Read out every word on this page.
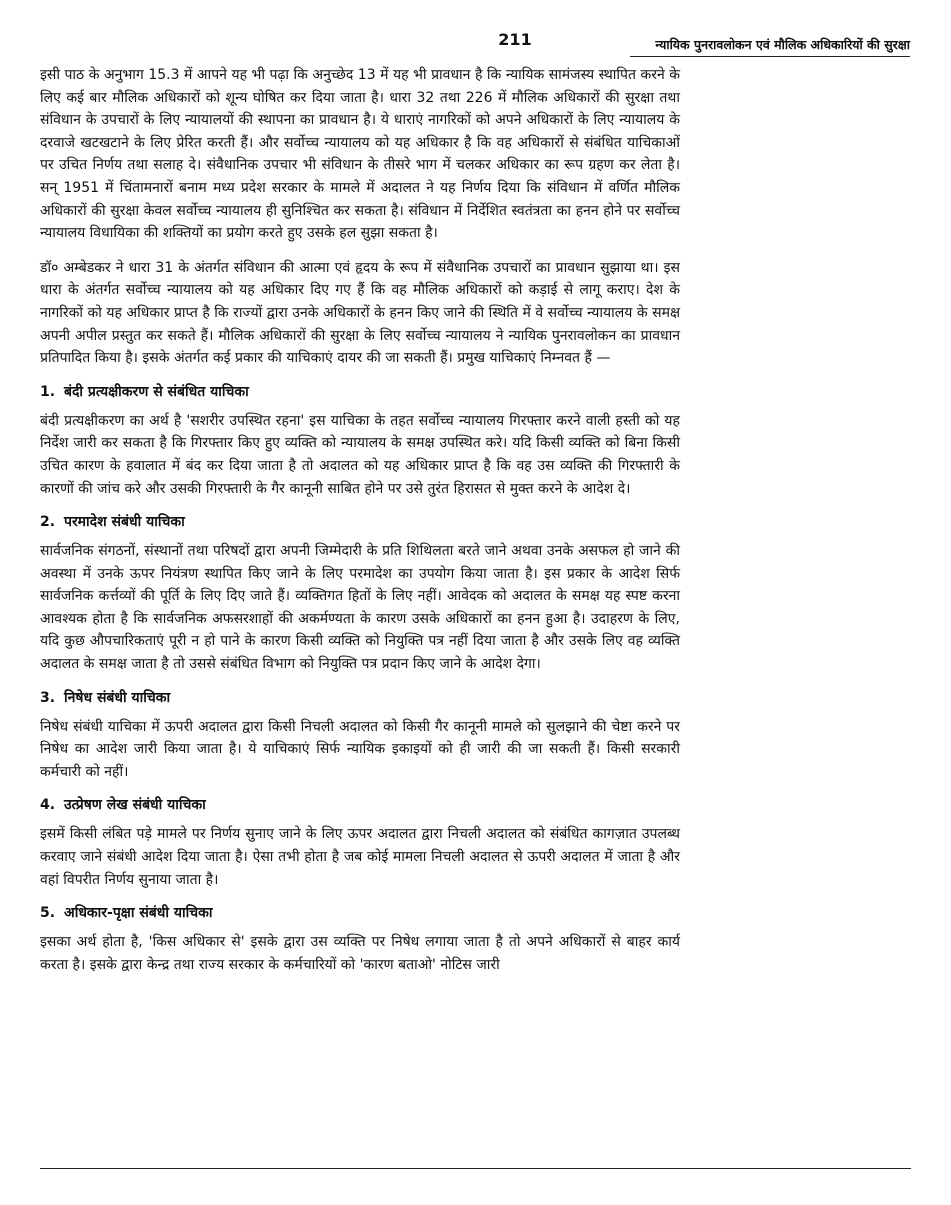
211	न्यायिक पुनरावलोकन एवं मौलिक अधिकारियों की सुरक्षा

इसी पाठ के अनुभाग 15.3 में आपने यह भी पढ़ा कि अनुच्छेद 13 में यह भी प्रावधान है कि न्यायिक सामंजस्य स्थापित करने के लिए कई बार मौलिक अधिकारों को शून्य घोषित कर दिया जाता है। धारा 32 तथा 226 में मौलिक अधिकारों की सुरक्षा तथा संविधान के उपचारों के लिए न्यायालयों की स्थापना का प्रावधान है। ये धाराएं नागरिकों को अपने अधिकारों के लिए न्यायालय के दरवाजे खटखटाने के लिए प्रेरित करती हैं। और सर्वोच्च न्यायालय को यह अधिकार है कि वह अधिकारों से संबंधित याचिकाओं पर उचित निर्णय तथा सलाह दे। संवैधानिक उपचार भी संविधान के तीसरे भाग में चलकर अधिकार का रूप ग्रहण कर लेता है। सन् 1951 में चिंतामनारों बनाम मध्य प्रदेश सरकार के मामले में अदालत ने यह निर्णय दिया कि संविधान में वर्णित मौलिक अधिकारों की सुरक्षा केवल सर्वोच्च न्यायालय ही सुनिश्चित कर सकता है। संविधान में निर्देशित स्वतंत्रता का हनन होने पर सर्वोच्च न्यायालय विधायिका की शक्तियों का प्रयोग करते हुए उसके हल सुझा सकता है।

डॉ० अम्बेडकर ने धारा 31 के अंतर्गत संविधान की आत्मा एवं हृदय के रूप में संवैधानिक उपचारों का प्रावधान सुझाया था। इस धारा के अंतर्गत सर्वोच्च न्यायालय को यह अधिकार दिए गए हैं कि वह मौलिक अधिकारों को कड़ाई से लागू कराए। देश के नागरिकों को यह अधिकार प्राप्त है कि राज्यों द्वारा उनके अधिकारों के हनन किए जाने की स्थिति में वे सर्वोच्च न्यायालय के समक्ष अपनी अपील प्रस्तुत कर सकते हैं। मौलिक अधिकारों की सुरक्षा के लिए सर्वोच्च न्यायालय ने न्यायिक पुनरावलोकन का प्रावधान प्रतिपादित किया है। इसके अंतर्गत कई प्रकार की याचिकाएं दायर की जा सकती हैं। प्रमुख याचिकाएं निम्नवत हैं —

1. बंदी प्रत्यक्षीकरण से संबंधित याचिका

बंदी प्रत्यक्षीकरण का अर्थ है 'सशरीर उपस्थित रहना' इस याचिका के तहत सर्वोच्च न्यायालय गिरफ्तार करने वाली हस्ती को यह निर्देश जारी कर सकता है कि गिरफ्तार किए हुए व्यक्ति को न्यायालय के समक्ष उपस्थित करे। यदि किसी व्यक्ति को बिना किसी उचित कारण के हवालात में बंद कर दिया जाता है तो अदालत को यह अधिकार प्राप्त है कि वह उस व्यक्ति की गिरफ्तारी के कारणों की जांच करे और उसकी गिरफ्तारी के गैर कानूनी साबित होने पर उसे तुरंत हिरासत से मुक्त करने के आदेश दे।

2. परमादेश संबंधी याचिका

सार्वजनिक संगठनों, संस्थानों तथा परिषदों द्वारा अपनी जिम्मेदारी के प्रति शिथिलता बरते जाने अथवा उनके असफल हो जाने की अवस्था में उनके ऊपर नियंत्रण स्थापित किए जाने के लिए परमादेश का उपयोग किया जाता है। इस प्रकार के आदेश सिर्फ सार्वजनिक कर्त्तव्यों की पूर्ति के लिए दिए जाते हैं। व्यक्तिगत हितों के लिए नहीं। आवेदक को अदालत के समक्ष यह स्पष्ट करना आवश्यक होता है कि सार्वजनिक अफसरशाहों की अकर्मण्यता के कारण उसके अधिकारों का हनन हुआ है। उदाहरण के लिए, यदि कुछ औपचारिकताएं पूरी न हो पाने के कारण किसी व्यक्ति को नियुक्ति पत्र नहीं दिया जाता है और उसके लिए वह व्यक्ति अदालत के समक्ष जाता है तो उससे संबंधित विभाग को नियुक्ति पत्र प्रदान किए जाने के आदेश देगा।

3. निषेध संबंधी याचिका

निषेध संबंधी याचिका में ऊपरी अदालत द्वारा किसी निचली अदालत को किसी गैर कानूनी मामले को सुलझाने की चेष्टा करने पर निषेध का आदेश जारी किया जाता है। ये याचिकाएं सिर्फ न्यायिक इकाइयों को ही जारी की जा सकती हैं। किसी सरकारी कर्मचारी को नहीं।

4. उत्प्रेषण लेख संबंधी याचिका

इसमें किसी लंबित पड़े मामले पर निर्णय सुनाए जाने के लिए ऊपर अदालत द्वारा निचली अदालत को संबंधित कागज़ात उपलब्ध करवाए जाने संबंधी आदेश दिया जाता है। ऐसा तभी होता है जब कोई मामला निचली अदालत से ऊपरी अदालत में जाता है और वहां विपरीत निर्णय सुनाया जाता है।

5. अधिकार-पृक्षा संबंधी याचिका

इसका अर्थ होता है, 'किस अधिकार से' इसके द्वारा उस व्यक्ति पर निषेध लगाया जाता है तो अपने अधिकारों से बाहर कार्य करता है। इसके द्वारा केन्द्र तथा राज्य सरकार के कर्मचारियों को 'कारण बताओ' नोटिस जारी
